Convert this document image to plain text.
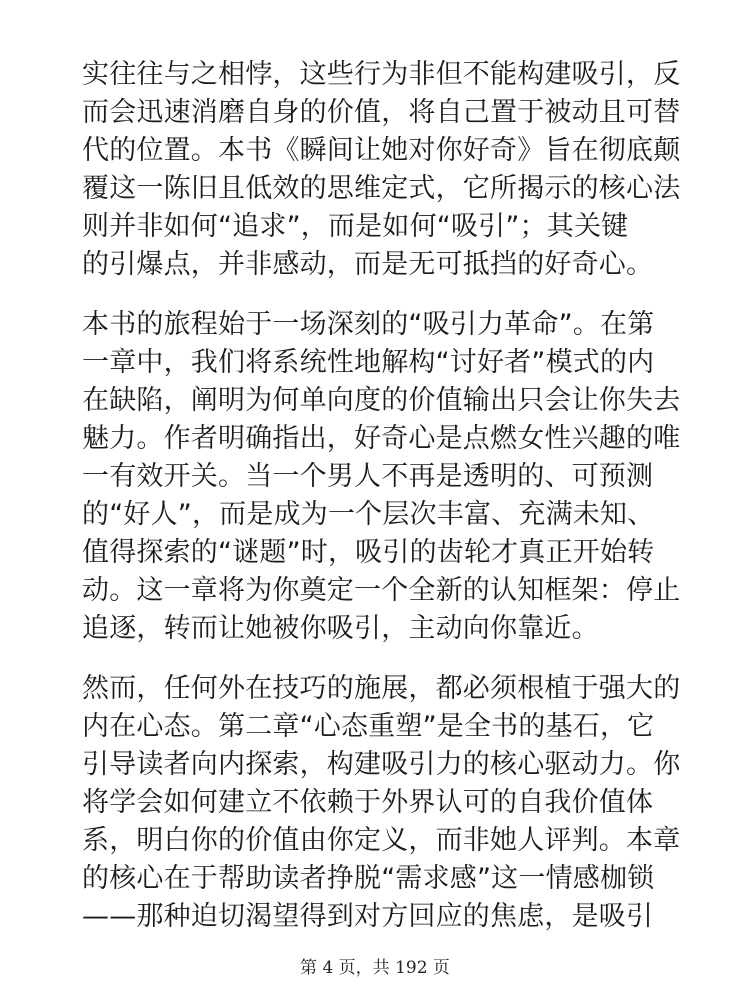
实往往与之相悖，这些行为非但不能构建吸引，反
而会迅速消磨自身的价值，将自己置于被动且可替
代的位置。本书《瞬间让她对你好奇》旨在彻底颠
覆这一陈旧且低效的思维定式，它所揭示的核心法
则并非如何“追求”，而是如何“吸引”；其关键
的引爆点，并非感动，而是无可抵挡的好奇心。
本书的旅程始于一场深刻的“吸引力革命”。在第
一章中，我们将系统性地解构“讨好者”模式的内
在缺陷，阐明为何单向度的价值输出只会让你失去
魅力。作者明确指出，好奇心是点燃女性兴趣的唯
一有效开关。当一个男人不再是透明的、可预测
的“好人”，而是成为一个层次丰富、充满未知、
值得探索的“谜题”时，吸引的齿轮才真正开始转
动。这一章将为你奠定一个全新的认知框架：停止
追逐，转而让她被你吸引，主动向你靠近。
然而，任何外在技巧的施展，都必须根植于强大的
内在心态。第二章“心态重塑”是全书的基石，它
引导读者向内探索，构建吸引力的核心驱动力。你
将学会如何建立不依赖于外界认可的自我价值体
系，明白你的价值由你定义，而非她人评判。本章
的核心在于帮助读者挣脱“需求感”这一情感枷锁
——那种迫切渴望得到对方回应的焦虑，是吸引
第 4 页，共 192 页
